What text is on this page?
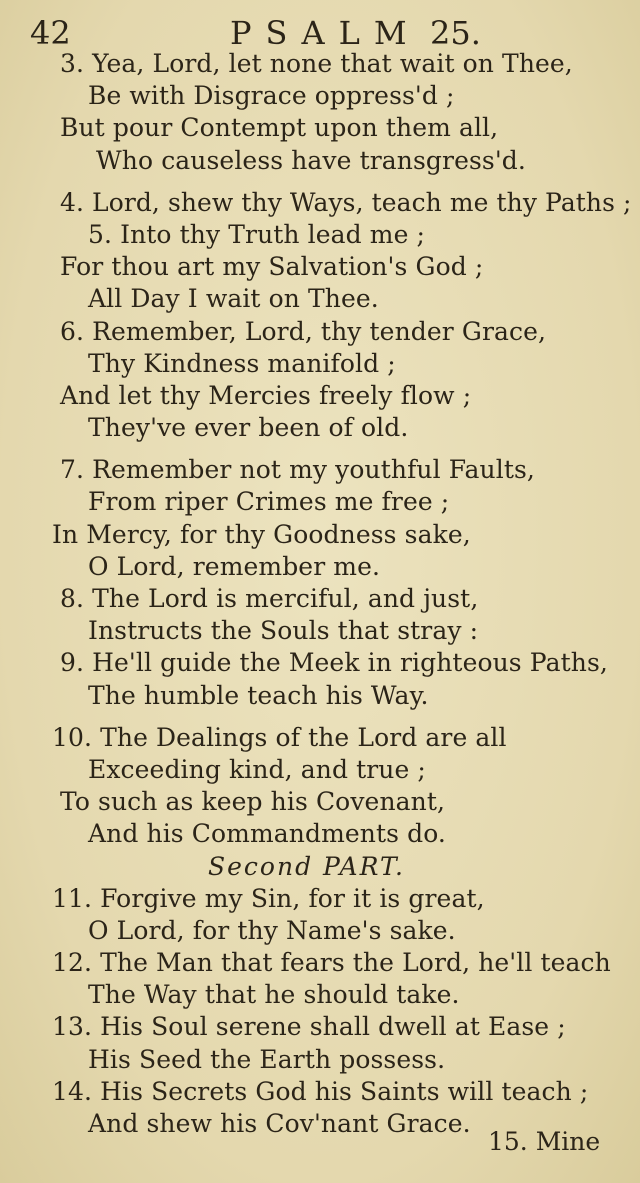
42	PSALM 25.
3. Yea, Lord, let none that wait on Thee,
Be with Disgrace oppress'd ;
But pour Contempt upon them all,
Who causeless have transgress'd.
4. Lord, shew thy Ways, teach me thy Paths ;
5. Into thy Truth lead me ;
For thou art my Salvation's God ;
All Day I wait on Thee.
6. Remember, Lord, thy tender Grace,
Thy Kindness manifold ;
And let thy Mercies freely flow ;
They've ever been of old.
7. Remember not my youthful Faults,
From riper Crimes me free ;
In Mercy, for thy Goodness sake,
O Lord, remember me.
8. The Lord is merciful, and just,
Instructs the Souls that stray :
9. He'll guide the Meek in righteous Paths,
The humble teach his Way.
10. The Dealings of the Lord are all
Exceeding kind, and true ;
To such as keep his Covenant,
And his Commandments do.
Second PART.
11. Forgive my Sin, for it is great,
O Lord, for thy Name's sake.
12. The Man that fears the Lord, he'll teach
The Way that he should take.
13. His Soul serene shall dwell at Ease ;
His Seed the Earth possess.
14. His Secrets God his Saints will teach ;
And shew his Cov'nant Grace.
15. Mine
